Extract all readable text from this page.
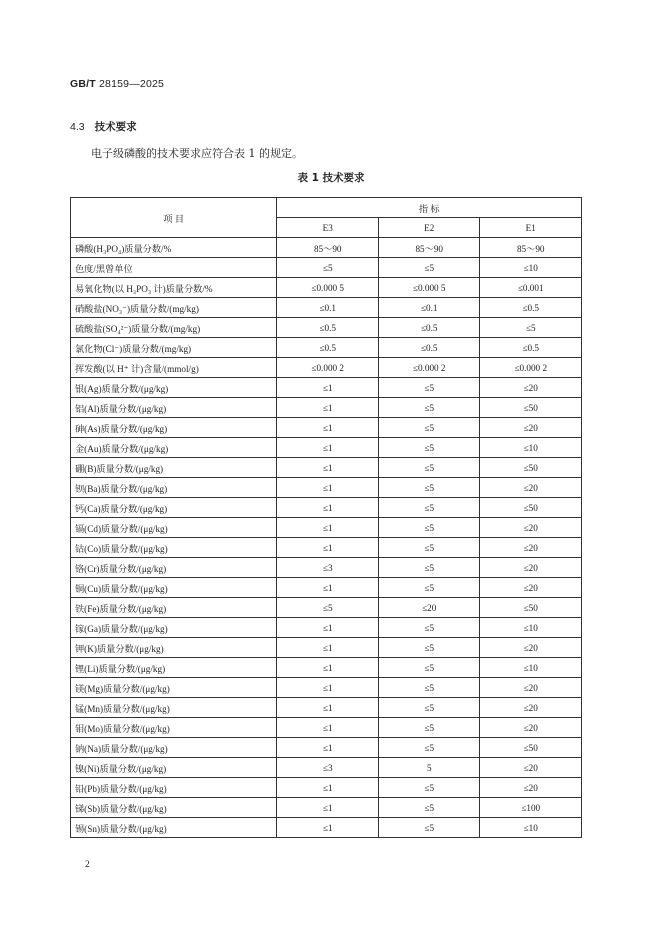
GB/T 28159—2025
4.3 技术要求
电子级磷酸的技术要求应符合表 1 的规定。
表 1 技术要求
项 目	指 标		
	E3	E2	E1
磷酸(H₃PO₄)质量分数/%	85～90	85～90	85～90
色度/黑曾单位	≤5	≤5	≤10
易氧化物(以 H₃PO₃ 计)质量分数/%	≤0.000 5	≤0.000 5	≤0.001
硝酸盐(NO₃⁻)质量分数/(mg/kg)	≤0.1	≤0.1	≤0.5
硫酸盐(SO₄²⁻)质量分数/(mg/kg)	≤0.5	≤0.5	≤5
氯化物(Cl⁻)质量分数/(mg/kg)	≤0.5	≤0.5	≤0.5
挥发酸(以 H⁺ 计)含量/(mmol/g)	≤0.000 2	≤0.000 2	≤0.000 2
银(Ag)质量分数/(μg/kg)	≤1	≤5	≤20
铝(Al)质量分数/(μg/kg)	≤1	≤5	≤50
砷(As)质量分数/(μg/kg)	≤1	≤5	≤20
金(Au)质量分数/(μg/kg)	≤1	≤5	≤10
硼(B)质量分数/(μg/kg)	≤1	≤5	≤50
钡(Ba)质量分数/(μg/kg)	≤1	≤5	≤20
钙(Ca)质量分数/(μg/kg)	≤1	≤5	≤50
镉(Cd)质量分数/(μg/kg)	≤1	≤5	≤20
钴(Co)质量分数/(μg/kg)	≤1	≤5	≤20
铬(Cr)质量分数/(μg/kg)	≤3	≤5	≤20
铜(Cu)质量分数/(μg/kg)	≤1	≤5	≤20
铁(Fe)质量分数/(μg/kg)	≤5	≤20	≤50
镓(Ga)质量分数/(μg/kg)	≤1	≤5	≤10
钾(K)质量分数/(μg/kg)	≤1	≤5	≤20
锂(Li)质量分数/(μg/kg)	≤1	≤5	≤10
镁(Mg)质量分数/(μg/kg)	≤1	≤5	≤20
锰(Mn)质量分数/(μg/kg)	≤1	≤5	≤20
钼(Mo)质量分数/(μg/kg)	≤1	≤5	≤20
钠(Na)质量分数/(μg/kg)	≤1	≤5	≤50
镍(Ni)质量分数/(μg/kg)	≤3	5	≤20
铅(Pb)质量分数/(μg/kg)	≤1	≤5	≤20
锑(Sb)质量分数/(μg/kg)	≤1	≤5	≤100
锡(Sn)质量分数/(μg/kg)	≤1	≤5	≤10
2
